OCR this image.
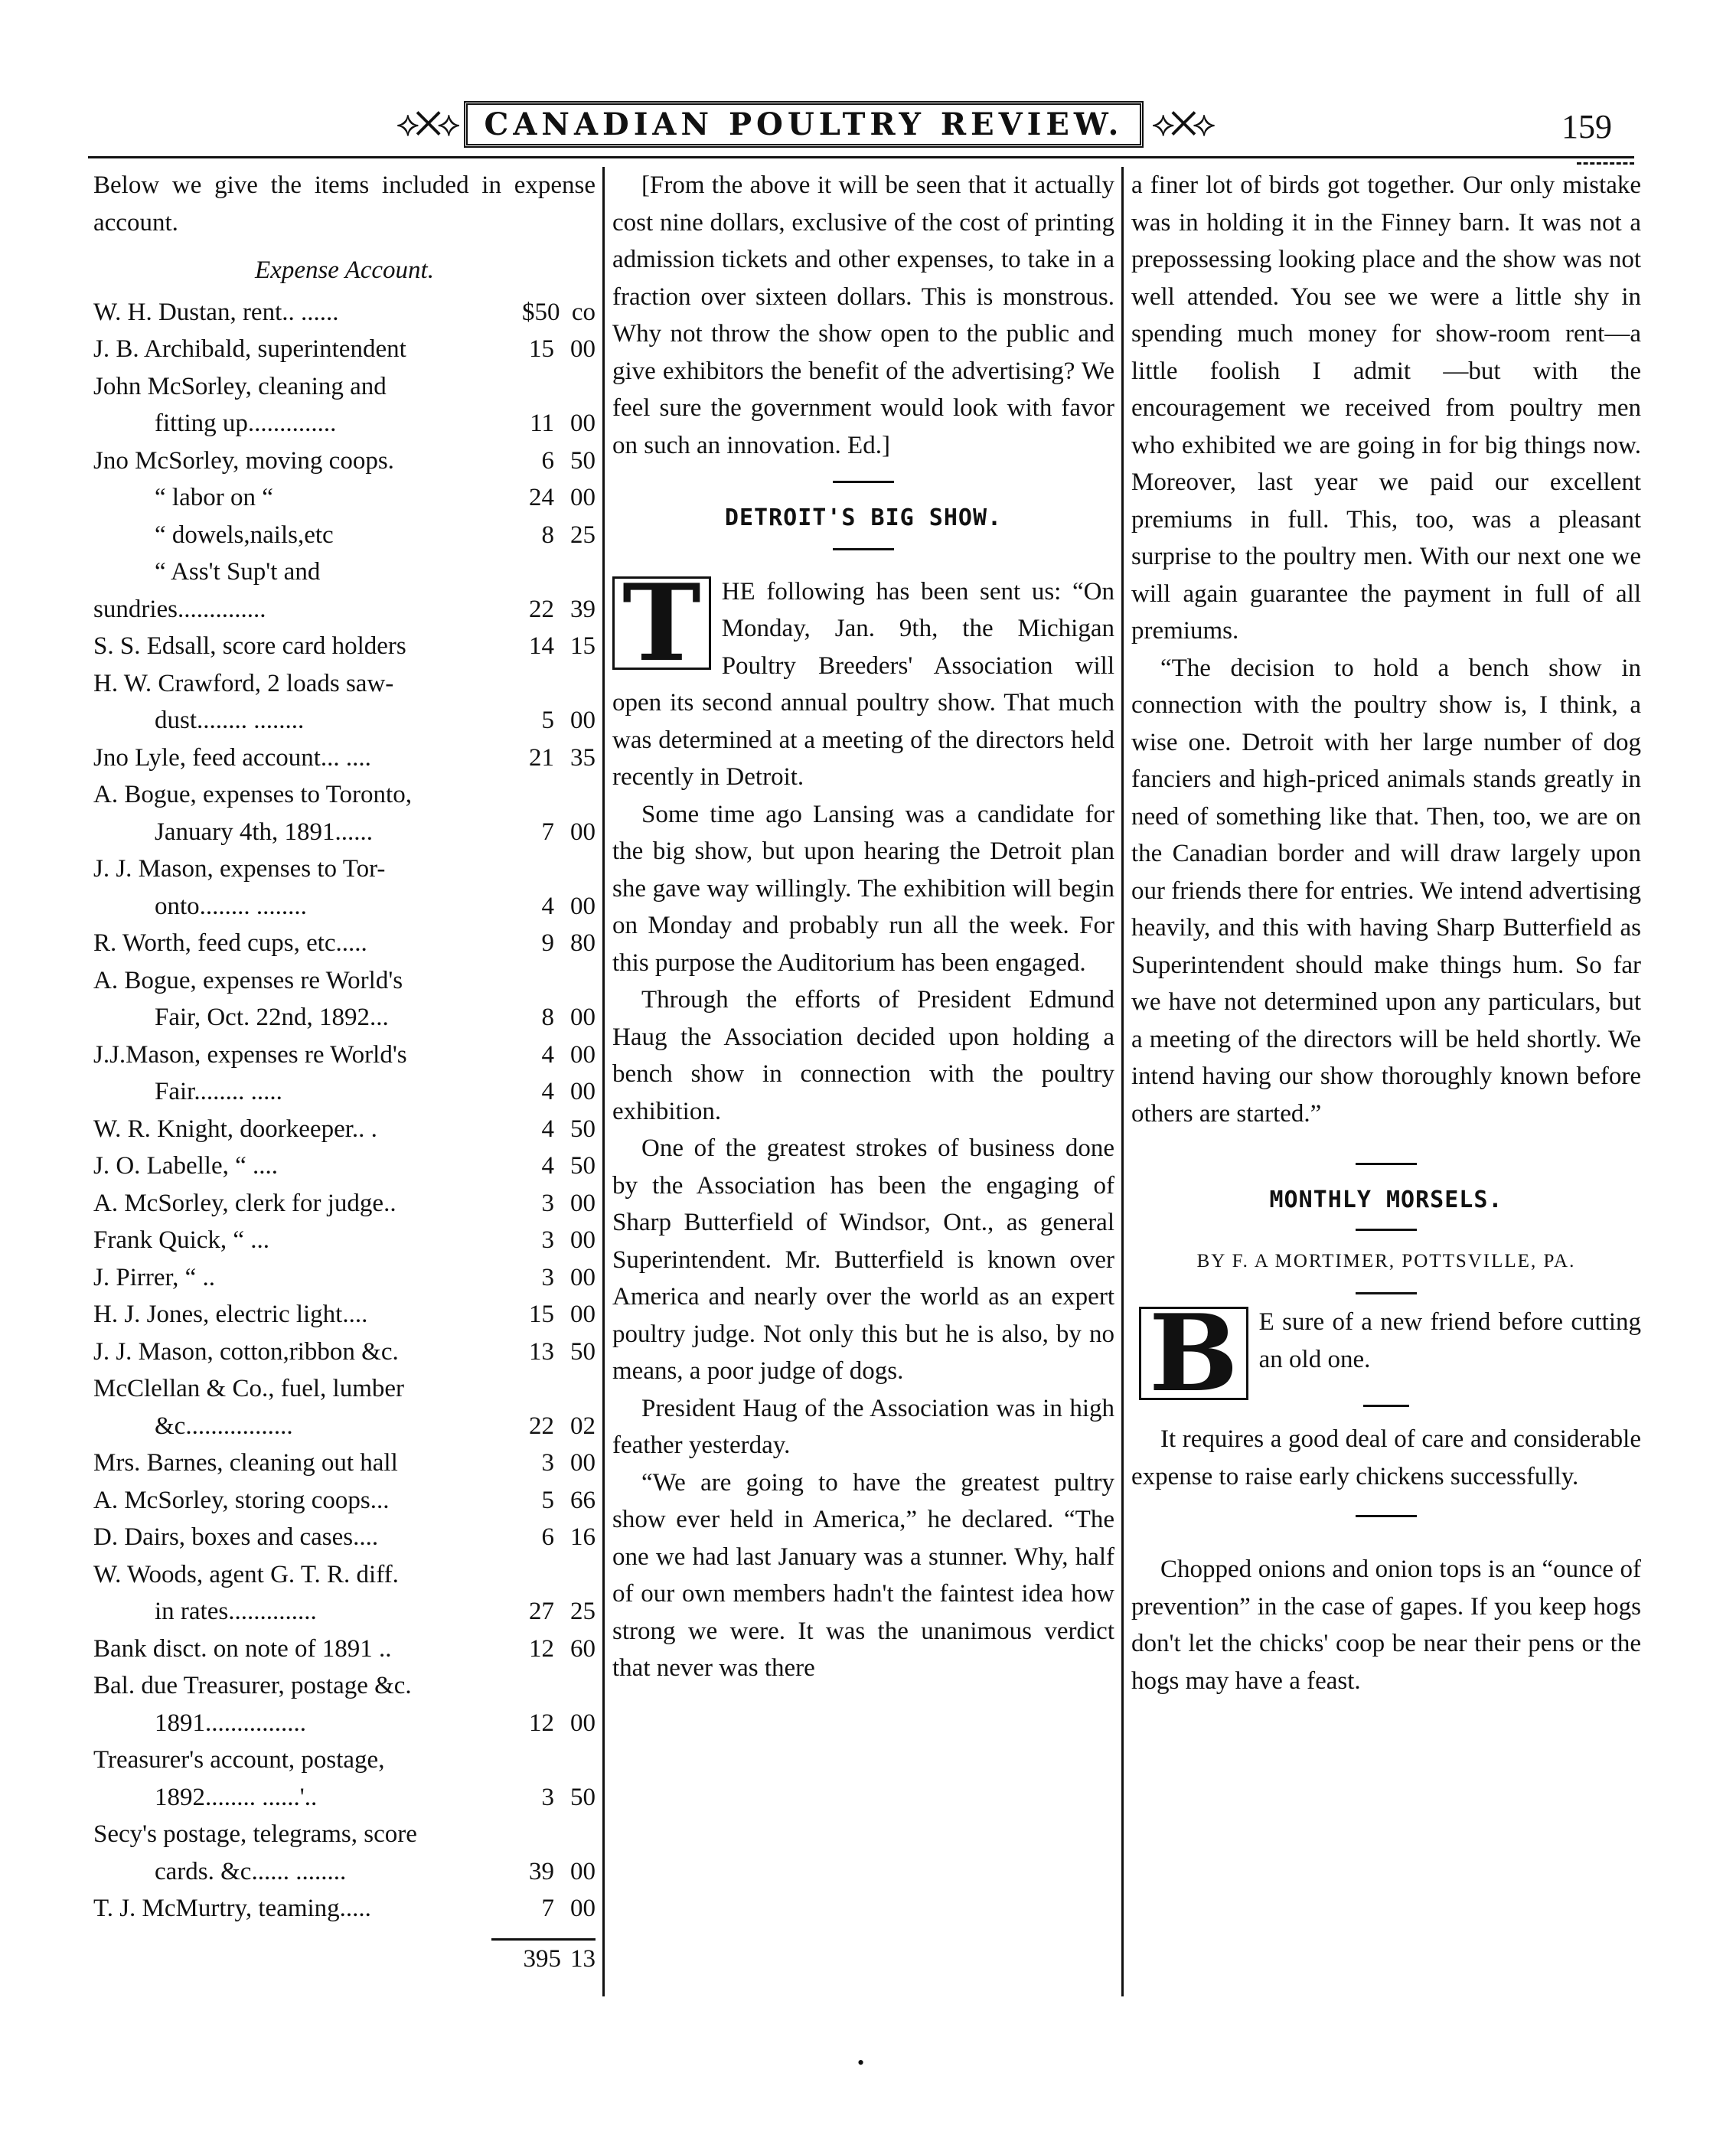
⟡✕⟡ CANADIAN POULTRY REVIEW. ⟡✕⟡	159

Below we give the items included in expense account.

Expense Account.
W. H. Dustan, rent.. ......	$50 co
J. B. Archibald, superintendent	15 00
John McSorley, cleaning and
fitting up..............	11 00
Jno McSorley, moving coops.	6 50
“ labor on “	24 00
“ dowels,nails,etc	8 25
“ Ass't Sup't and
sundries..............	22 39
S. S. Edsall, score card holders	14 15
H. W. Crawford, 2 loads saw-
dust........ ........	5 00
Jno Lyle, feed account... ....	21 35
A. Bogue, expenses to Toronto,
January 4th, 1891......	7 00
J. J. Mason, expenses to Tor-
onto........ ........	4 00
R. Worth, feed cups, etc.....	9 80
A. Bogue, expenses re World's
Fair, Oct. 22nd, 1892...	8 00
J.J.Mason, expenses re World's	4 00
Fair........ .....	4 00
W. R. Knight, doorkeeper.. .	4 50
J. O. Labelle, “ ....	4 50
A. McSorley, clerk for judge..	3 00
Frank Quick, “ ...	3 00
J. Pirrer, “ ..	3 00
H. J. Jones, electric light....	15 00
J. J. Mason, cotton,ribbon &c.	13 50
McClellan & Co., fuel, lumber
&c.................	22 02
Mrs. Barnes, cleaning out hall	3 00
A. McSorley, storing coops...	5 66
D. Dairs, boxes and cases....	6 16
W. Woods, agent G. T. R. diff.
in rates..............	27 25
Bank disct. on note of 1891 ..	12 60
Bal. due Treasurer, postage &c.
1891................	12 00
Treasurer's account, postage,
1892........ ......'..	3 50
Secy's postage, telegrams, score
cards. &c...... ........	39 00
T. J. McMurtry, teaming.....	7 00
395 13

[From the above it will be seen that it actually cost nine dollars, exclusive of the cost of printing admission tickets and other expenses, to take in a fraction over sixteen dollars. This is monstrous. Why not throw the show open to the public and give exhibitors the benefit of the advertising? We feel sure the government would look with favor on such an innovation. Ed.]

DETROIT'S BIG SHOW.

T HE following has been sent us: “On Monday, Jan. 9th, the Michigan Poultry Breeders' Association will open its second annual poultry show. That much was determined at a meeting of the directors held recently in Detroit.

Some time ago Lansing was a candidate for the big show, but upon hearing the Detroit plan she gave way willingly. The exhibition will begin on Monday and probably run all the week. For this purpose the Auditorium has been engaged.

Through the efforts of President Edmund Haug the Association decided upon holding a bench show in connection with the poultry exhibition.

One of the greatest strokes of business done by the Association has been the engaging of Sharp Butterfield of Windsor, Ont., as general Superintendent. Mr. Butterfield is known over America and nearly over the world as an expert poultry judge. Not only this but he is also, by no means, a poor judge of dogs.

President Haug of the Association was in high feather yesterday.

“We are going to have the greatest pultry show ever held in America,” he declared. “The one we had last January was a stunner. Why, half of our own members hadn't the faintest idea how strong we were. It was the unanimous verdict that never was there

a finer lot of birds got together. Our only mistake was in holding it in the Finney barn. It was not a prepossessing looking place and the show was not well attended. You see we were a little shy in spending much money for show-room rent—a little foolish I admit —but with the encouragement we received from poultry men who exhibited we are going in for big things now. Moreover, last year we paid our excellent premiums in full. This, too, was a pleasant surprise to the poultry men. With our next one we will again guarantee the payment in full of all premiums.

“The decision to hold a bench show in connection with the poultry show is, I think, a wise one. Detroit with her large number of dog fanciers and high-priced animals stands greatly in need of something like that. Then, too, we are on the Canadian border and will draw largely upon our friends there for entries. We intend advertising heavily, and this with having Sharp Butterfield as Superintendent should make things hum. So far we have not determined upon any particulars, but a meeting of the directors will be held shortly. We intend having our show thoroughly known before others are started.”

MONTHLY MORSELS.
BY F. A MORTIMER, POTTSVILLE, PA.

B E sure of a new friend before cutting an old one.

It requires a good deal of care and considerable expense to raise early chickens successfully.

Chopped onions and onion tops is an “ounce of prevention” in the case of gapes. If you keep hogs don't let the chicks' coop be near their pens or the hogs may have a feast.

•
